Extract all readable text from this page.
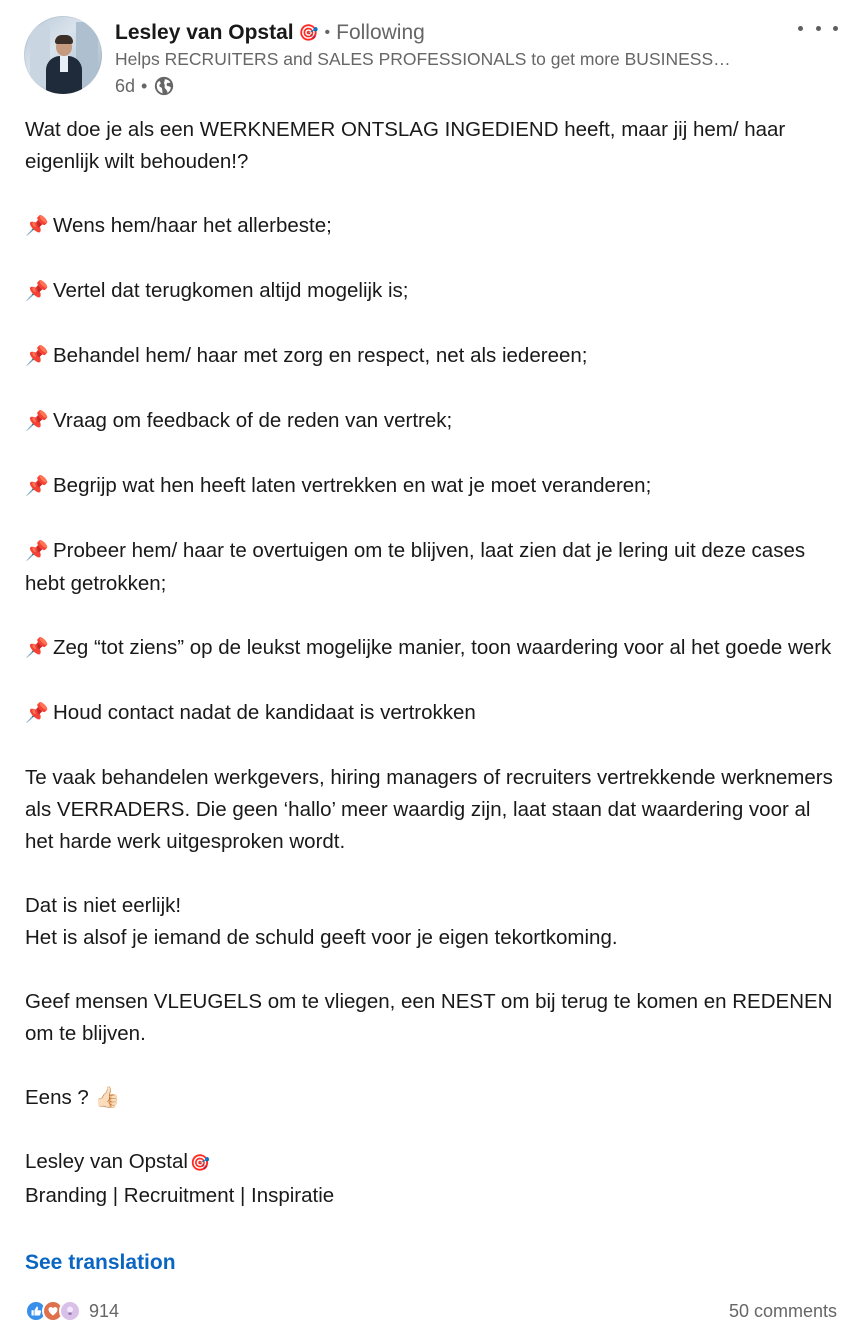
Lesley van Opstal 🎯 • Following
Helps RECRUITERS and SALES PROFESSIONALS to get more BUSINESS…
6d •

Wat doe je als een WERKNEMER ONTSLAG INGEDIEND heeft, maar jij hem/ haar eigenlijk wilt behouden!?

📌 Wens hem/haar het allerbeste;

📌 Vertel dat terugkomen altijd mogelijk is;

📌 Behandel hem/ haar met zorg en respect, net als iedereen;

📌 Vraag om feedback of de reden van vertrek;

📌 Begrijp wat hen heeft laten vertrekken en wat je moet veranderen;

📌 Probeer hem/ haar te overtuigen om te blijven, laat zien dat je lering uit deze cases hebt getrokken;

📌 Zeg “tot ziens” op de leukst mogelijke manier, toon waardering voor al het goede werk

📌 Houd contact nadat de kandidaat is vertrokken

Te vaak behandelen werkgevers, hiring managers of recruiters vertrekkende werknemers als VERRADERS. Die geen ‘hallo’ meer waardig zijn, laat staan dat waardering voor al het harde werk uitgesproken wordt.

Dat is niet eerlijk!

Het is alsof je iemand de schuld geeft voor je eigen tekortkoming.

Geef mensen VLEUGELS om te vliegen, een NEST om bij terug te komen en REDENEN om te blijven.

Eens ? 👍🏻

Lesley van Opstal 🎯

Branding | Recruitment | Inspiratie

See translation
914	50 comments
